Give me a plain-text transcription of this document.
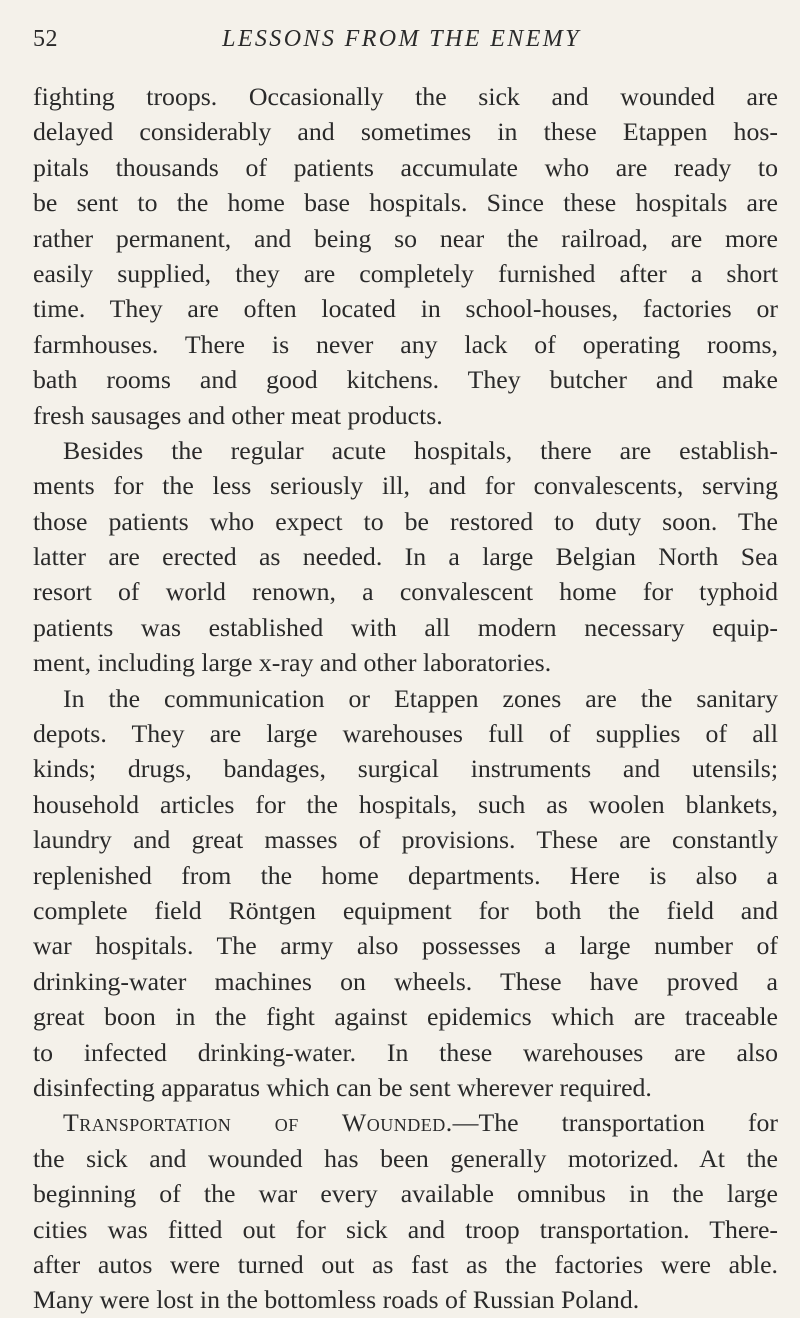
52	LESSONS FROM THE ENEMY
fighting troops. Occasionally the sick and wounded are
delayed considerably and sometimes in these Etappen hos-
pitals thousands of patients accumulate who are ready to
be sent to the home base hospitals. Since these hospitals are
rather permanent, and being so near the railroad, are more
easily supplied, they are completely furnished after a short
time. They are often located in school-houses, factories or
farmhouses. There is never any lack of operating rooms,
bath rooms and good kitchens. They butcher and make
fresh sausages and other meat products.
Besides the regular acute hospitals, there are establish-
ments for the less seriously ill, and for convalescents, serving
those patients who expect to be restored to duty soon. The
latter are erected as needed. In a large Belgian North Sea
resort of world renown, a convalescent home for typhoid
patients was established with all modern necessary equip-
ment, including large x-ray and other laboratories.
In the communication or Etappen zones are the sanitary
depots. They are large warehouses full of supplies of all
kinds; drugs, bandages, surgical instruments and utensils;
household articles for the hospitals, such as woolen blankets,
laundry and great masses of provisions. These are constantly
replenished from the home departments. Here is also a
complete field Röntgen equipment for both the field and
war hospitals. The army also possesses a large number of
drinking-water machines on wheels. These have proved a
great boon in the fight against epidemics which are traceable
to infected drinking-water. In these warehouses are also
disinfecting apparatus which can be sent wherever required.
Transportation of Wounded.—The transportation for
the sick and wounded has been generally motorized. At the
beginning of the war every available omnibus in the large
cities was fitted out for sick and troop transportation. There-
after autos were turned out as fast as the factories were able.
Many were lost in the bottomless roads of Russian Poland.
